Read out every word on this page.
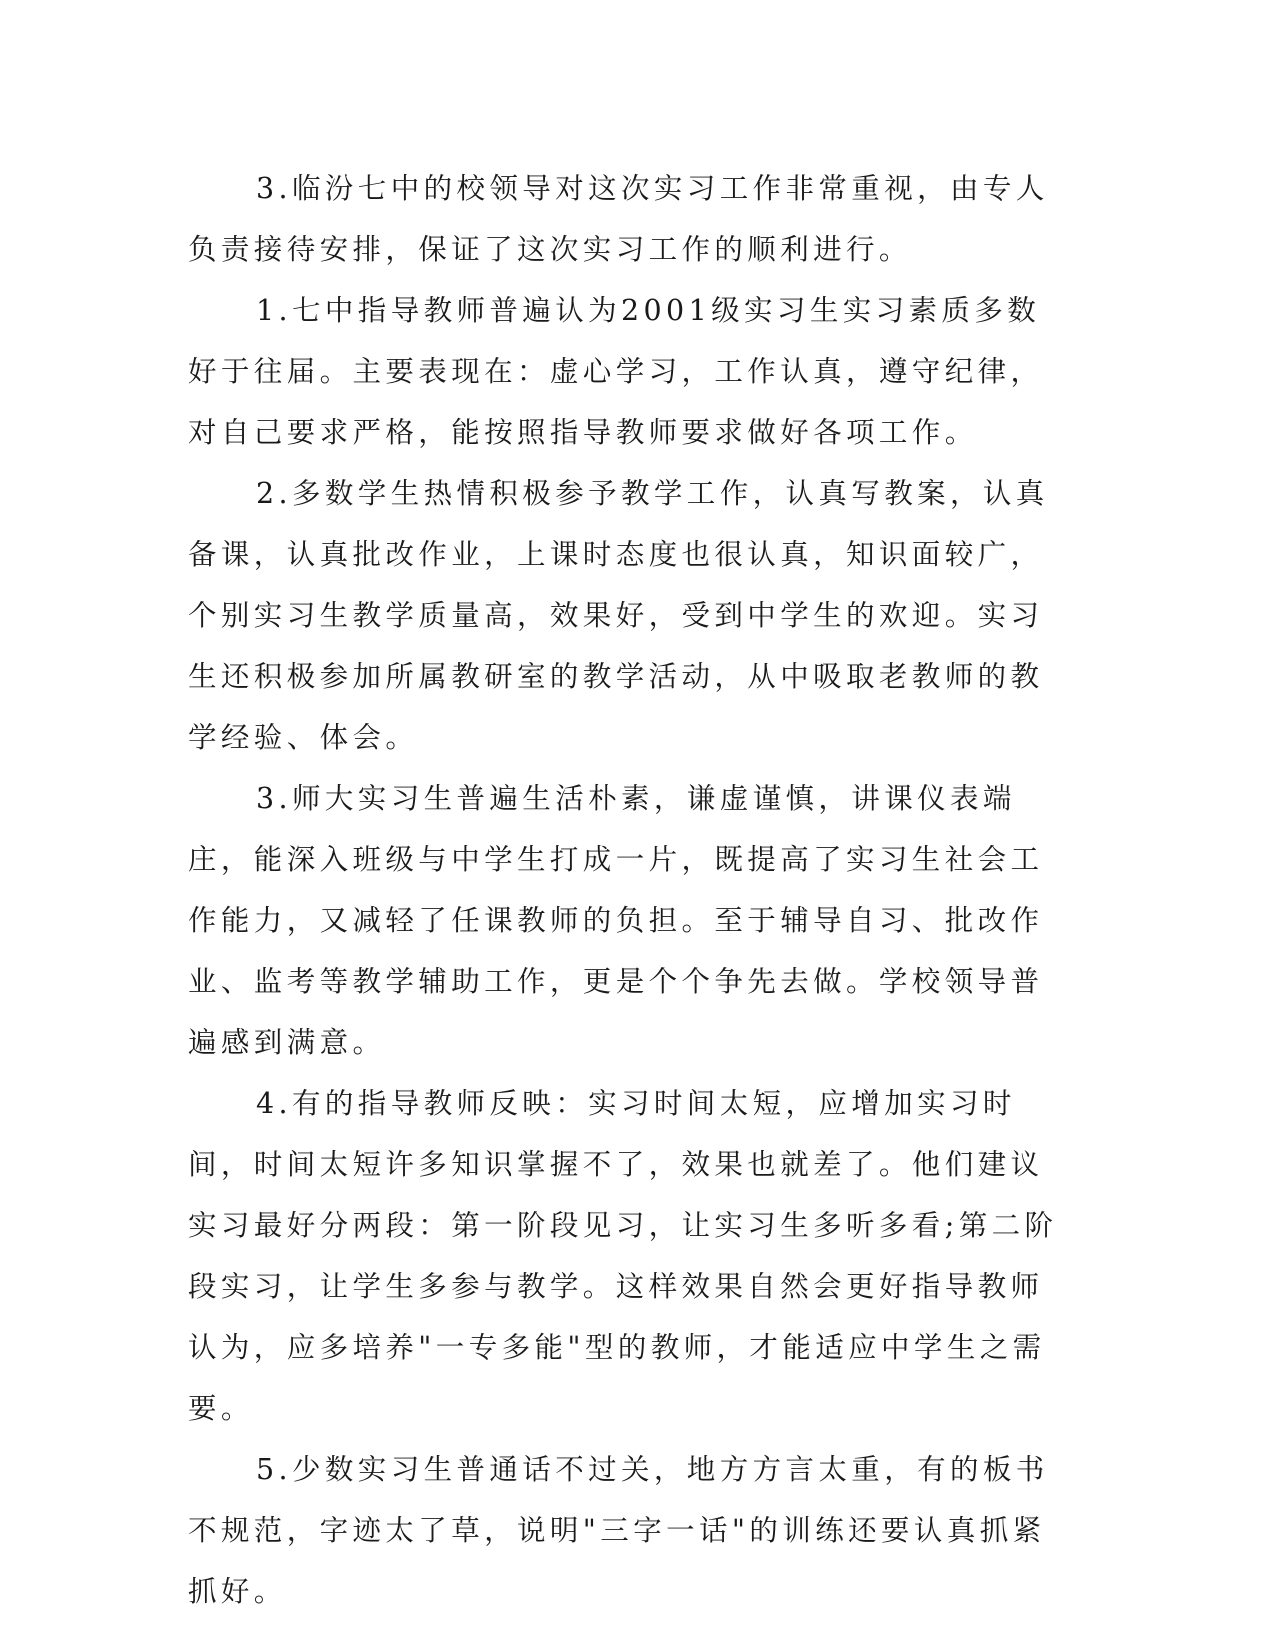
3.临汾七中的校领导对这次实习工作非常重视，由专人负责接待安排，保证了这次实习工作的顺利进行。

1.七中指导教师普遍认为2001级实习生实习素质多数好于往届。主要表现在：虚心学习，工作认真，遵守纪律，对自己要求严格，能按照指导教师要求做好各项工作。

2.多数学生热情积极参予教学工作，认真写教案，认真备课，认真批改作业，上课时态度也很认真，知识面较广，个别实习生教学质量高，效果好，受到中学生的欢迎。实习生还积极参加所属教研室的教学活动，从中吸取老教师的教学经验、体会。

3.师大实习生普遍生活朴素，谦虚谨慎，讲课仪表端庄，能深入班级与中学生打成一片，既提高了实习生社会工作能力，又减轻了任课教师的负担。至于辅导自习、批改作业、监考等教学辅助工作，更是个个争先去做。学校领导普遍感到满意。

4.有的指导教师反映：实习时间太短，应增加实习时间，时间太短许多知识掌握不了，效果也就差了。他们建议实习最好分两段：第一阶段见习，让实习生多听多看;第二阶段实习，让学生多参与教学。这样效果自然会更好指导教师认为，应多培养"一专多能"型的教师，才能适应中学生之需要。

5.少数实习生普通话不过关，地方方言太重，有的板书不规范，字迹太了草，说明"三字一话"的训练还要认真抓紧抓好。
